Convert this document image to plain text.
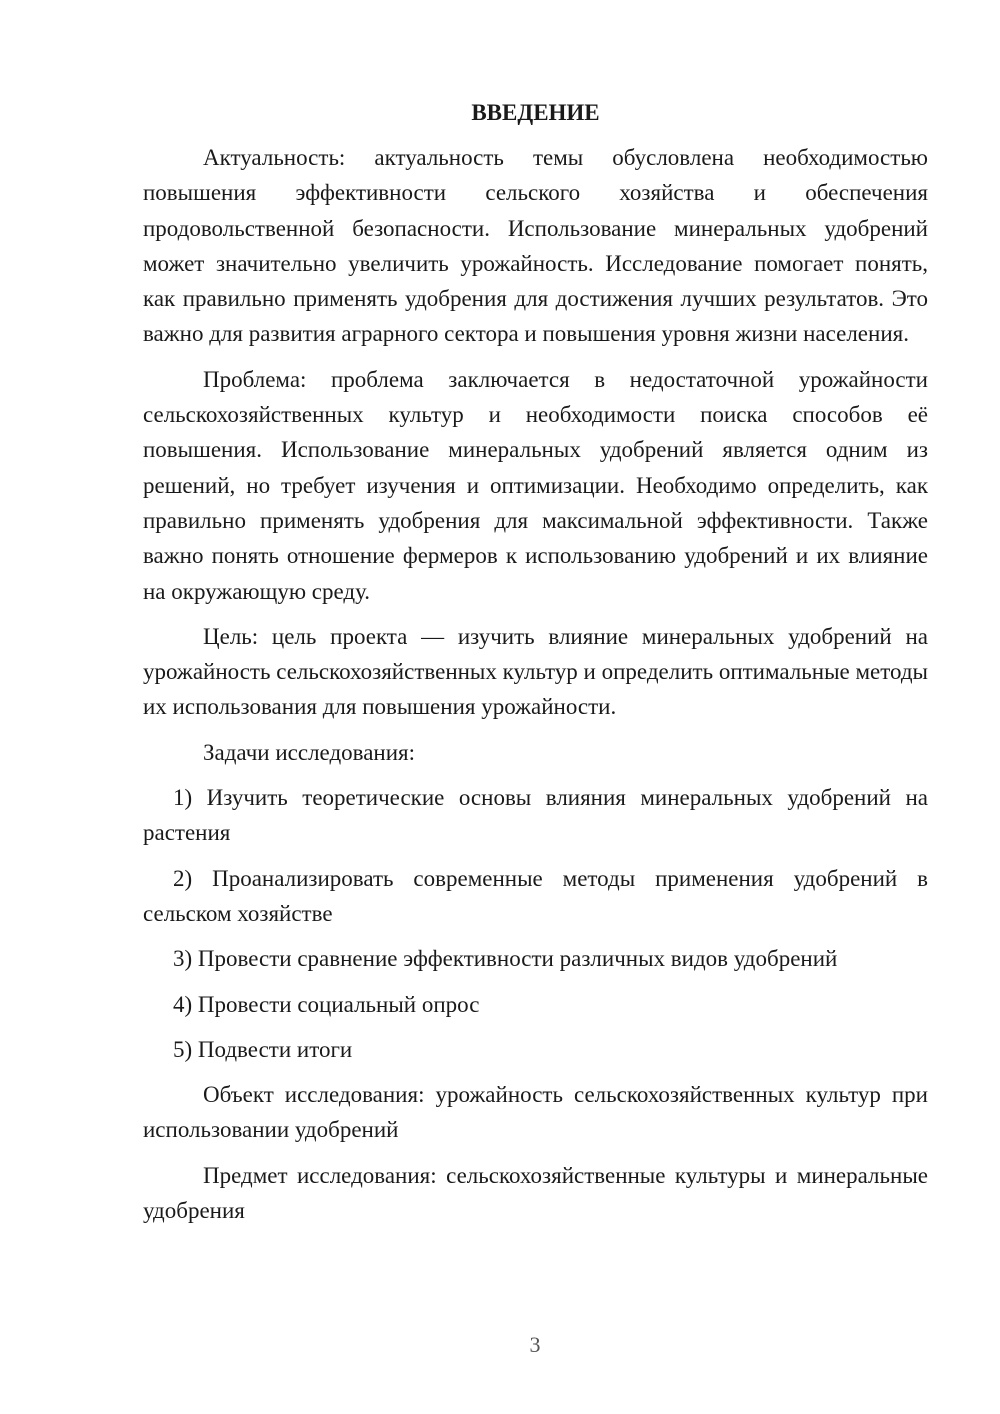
ВВЕДЕНИЕ

Актуальность: актуальность темы обусловлена необходимостью повышения эффективности сельского хозяйства и обеспечения продовольственной безопасности. Использование минеральных удобрений может значительно увеличить урожайность. Исследование помогает понять, как правильно применять удобрения для достижения лучших результатов. Это важно для развития аграрного сектора и повышения уровня жизни населения.

Проблема: проблема заключается в недостаточной урожайности сельскохозяйственных культур и необходимости поиска способов её повышения. Использование минеральных удобрений является одним из решений, но требует изучения и оптимизации. Необходимо определить, как правильно применять удобрения для максимальной эффективности. Также важно понять отношение фермеров к использованию удобрений и их влияние на окружающую среду.

Цель: цель проекта — изучить влияние минеральных удобрений на урожайность сельскохозяйственных культур и определить оптимальные методы их использования для повышения урожайности.

Задачи исследования:

1) Изучить теоретические основы влияния минеральных удобрений на растения

2) Проанализировать современные методы применения удобрений в сельском хозяйстве

3) Провести сравнение эффективности различных видов удобрений

4) Провести социальный опрос

5) Подвести итоги

Объект исследования: урожайность сельскохозяйственных культур при использовании удобрений

Предмет исследования: сельскохозяйственные культуры и минеральные удобрения

3
